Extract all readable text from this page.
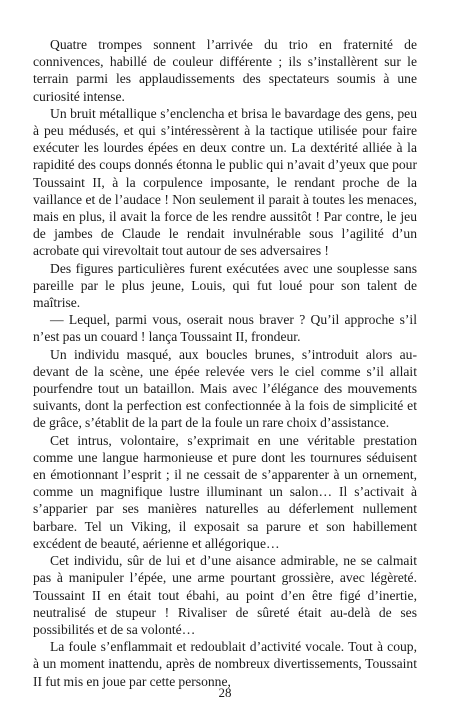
Quatre trompes sonnent l’arrivée du trio en fraternité de connivences, habillé de couleur différente ; ils s’installèrent sur le terrain parmi les applaudissements des spectateurs soumis à une curiosité intense.

Un bruit métallique s’enclencha et brisa le bavardage des gens, peu à peu médusés, et qui s’intéressèrent à la tactique utilisée pour faire exécuter les lourdes épées en deux contre un. La dextérité alliée à la rapidité des coups donnés étonna le public qui n’avait d’yeux que pour Toussaint II, à la corpulence imposante, le rendant proche de la vaillance et de l’audace ! Non seulement il parait à toutes les menaces, mais en plus, il avait la force de les rendre aussitôt ! Par contre, le jeu de jambes de Claude le rendait invulnérable sous l’agilité d’un acrobate qui virevoltait tout autour de ses adversaires !

Des figures particulières furent exécutées avec une souplesse sans pareille par le plus jeune, Louis, qui fut loué pour son talent de maîtrise.

— Lequel, parmi vous, oserait nous braver ? Qu’il approche s’il n’est pas un couard ! lança Toussaint II, frondeur.

Un individu masqué, aux boucles brunes, s’introduit alors au-devant de la scène, une épée relevée vers le ciel comme s’il allait pourfendre tout un bataillon. Mais avec l’élégance des mouvements suivants, dont la perfection est confectionnée à la fois de simplicité et de grâce, s’établit de la part de la foule un rare choix d’assistance.

Cet intrus, volontaire, s’exprimait en une véritable prestation comme une langue harmonieuse et pure dont les tournures séduisent en émotionnant l’esprit ; il ne cessait de s’apparenter à un ornement, comme un magnifique lustre illuminant un salon… Il s’activait à s’apparier par ses manières naturelles au déferlement nullement barbare. Tel un Viking, il exposait sa parure et son habillement excédent de beauté, aérienne et allégorique…

Cet individu, sûr de lui et d’une aisance admirable, ne se calmait pas à manipuler l’épée, une arme pourtant grossière, avec légèreté. Toussaint II en était tout ébahi, au point d’en être figé d’inertie, neutralisé de stupeur ! Rivaliser de sûreté était au-delà de ses possibilités et de sa volonté…

La foule s’enflammait et redoublait d’activité vocale. Tout à coup, à un moment inattendu, après de nombreux divertissements, Toussaint II fut mis en joue par cette personne,

28
